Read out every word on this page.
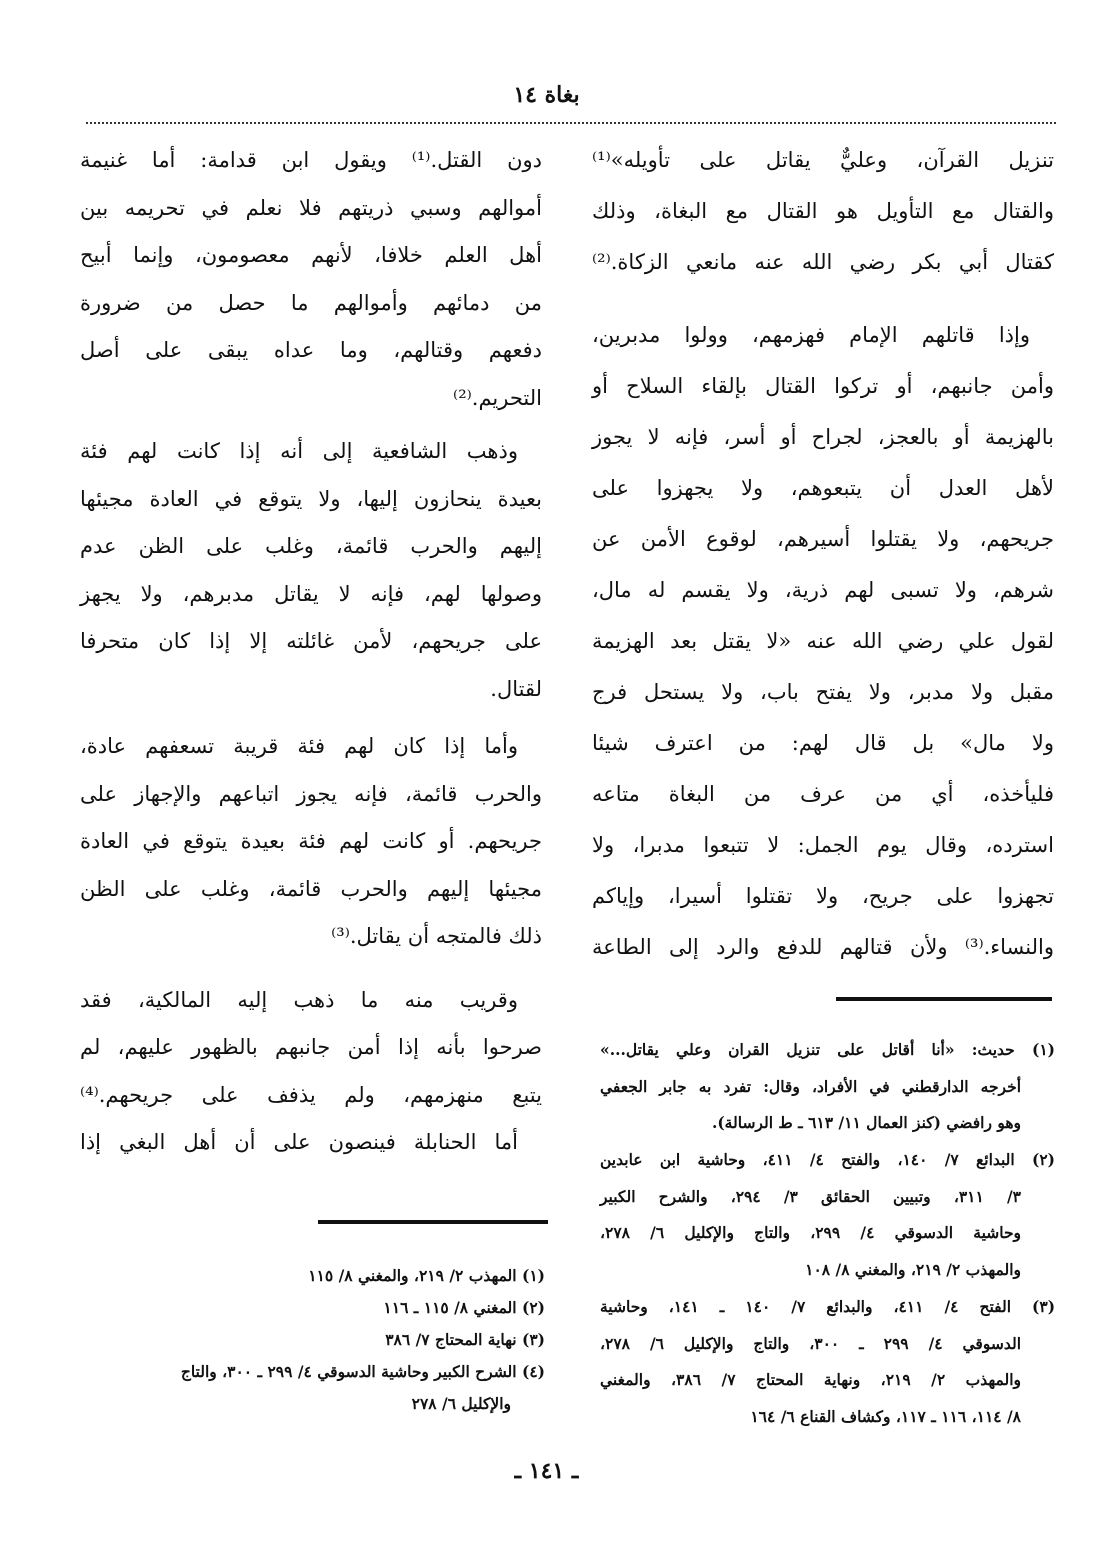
بغاة ١٤
تنزيل القرآن، وعليٌّ يقاتل على تأويله»⁽¹⁾
والقتال مع التأويل هو القتال مع البغاة، وذلك
كقتال أبي بكر رضي الله عنه مانعي الزكاة.⁽²⁾
وإذا قاتلهم الإمام فهزمهم، وولوا مدبرين،
وأمن جانبهم، أو تركوا القتال بإلقاء السلاح أو
بالهزيمة أو بالعجز، لجراح أو أسر، فإنه لا يجوز
لأهل العدل أن يتبعوهم، ولا يجهزوا على
جريحهم، ولا يقتلوا أسيرهم، لوقوع الأمن عن
شرهم، ولا تسبى لهم ذرية، ولا يقسم له مال،
لقول علي رضي الله عنه «لا يقتل بعد الهزيمة
مقبل ولا مدبر، ولا يفتح باب، ولا يستحل فرج
ولا مال» بل قال لهم: من اعترف شيئا
فليأخذه، أي من عرف من البغاة متاعه
استرده، وقال يوم الجمل: لا تتبعوا مدبرا، ولا
تجهزوا على جريح، ولا تقتلوا أسيرا، وإياكم
والنساء.⁽³⁾ ولأن قتالهم للدفع والرد إلى الطاعة
دون القتل.⁽¹⁾ ويقول ابن قدامة: أما غنيمة
أموالهم وسبي ذريتهم فلا نعلم في تحريمه بين
أهل العلم خلافا، لأنهم معصومون، وإنما أبيح
من دمائهم وأموالهم ما حصل من ضرورة
دفعهم وقتالهم، وما عداه يبقى على أصل
التحريم.⁽²⁾
وذهب الشافعية إلى أنه إذا كانت لهم فئة
بعيدة ينحازون إليها، ولا يتوقع في العادة مجيئها
إليهم والحرب قائمة، وغلب على الظن عدم
وصولها لهم، فإنه لا يقاتل مدبرهم، ولا يجهز
على جريحهم، لأمن غائلته إلا إذا كان متحرفا
لقتال.
وأما إذا كان لهم فئة قريبة تسعفهم عادة،
والحرب قائمة، فإنه يجوز اتباعهم والإجهاز على
جريحهم. أو كانت لهم فئة بعيدة يتوقع في العادة
مجيئها إليهم والحرب قائمة، وغلب على الظن
ذلك فالمتجه أن يقاتل.⁽³⁾
وقريب منه ما ذهب إليه المالكية، فقد
صرحوا بأنه إذا أمن جانبهم بالظهور عليهم، لم
يتبع منهزمهم، ولم يذفف على جريحهم.⁽⁴⁾
أما الحنابلة فينصون على أن أهل البغي إذا
(١) حديث: «أنا أقاتل على تنزيل القران وعلي يقاتل...»
أخرجه الدارقطني في الأفراد، وقال: تفرد به جابر الجعفي
وهو رافضي (كنز العمال ١١/ ٦١٣ ـ ط الرسالة).
(٢) البدائع ٧/ ١٤٠، والفتح ٤/ ٤١١، وحاشية ابن عابدين
٣/ ٣١١، وتبيين الحقائق ٣/ ٢٩٤، والشرح الكبير
وحاشية الدسوقي ٤/ ٢٩٩، والتاج والإكليل ٦/ ٢٧٨،
والمهذب ٢/ ٢١٩، والمغني ٨/ ١٠٨
(٣) الفتح ٤/ ٤١١، والبدائع ٧/ ١٤٠ ـ ١٤١، وحاشية
الدسوقي ٤/ ٢٩٩ ـ ٣٠٠، والتاج والإكليل ٦/ ٢٧٨،
والمهذب ٢/ ٢١٩، ونهاية المحتاج ٧/ ٣٨٦، والمغني
٨/ ١١٤، ١١٦ ـ ١١٧، وكشاف القناع ٦/ ١٦٤
(١) المهذب ٢/ ٢١٩، والمغني ٨/ ١١٥
(٢) المغني ٨/ ١١٥ ـ ١١٦
(٣) نهاية المحتاج ٧/ ٣٨٦
(٤) الشرح الكبير وحاشية الدسوقي ٤/ ٢٩٩ ـ ٣٠٠، والتاج
والإكليل ٦/ ٢٧٨
ـ ١٤١ ـ
